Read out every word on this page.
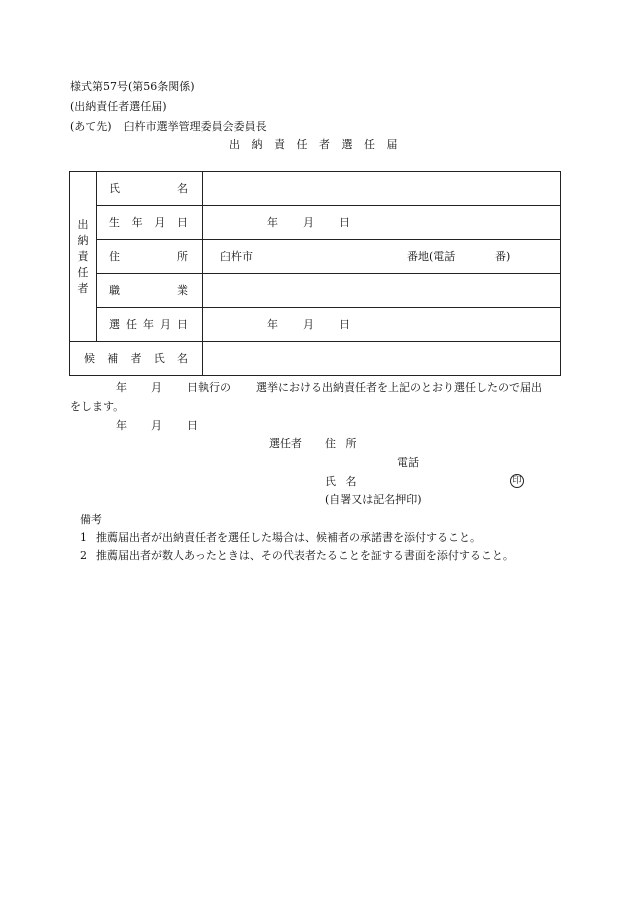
様式第57号(第56条関係)
(出納責任者選任届)
(あて先) 臼杵市選挙管理委員会委員長
出 納 責 任 者 選 任 届
出
納
責
任
者	氏 名	

	生 年 月 日	年 月 日

	住 所	臼杵市 番地(電話 番)

	職 業	

	選 任 年 月 日	年 月 日

候 補 者 氏 名		

年 月 日執行の 選挙における出納責任者を上記のとおり選任したので届出
をします。
年 月 日
選任者 住 所
電話
氏 名	印
(自署又は記名押印)
備考
1 推薦届出者が出納責任者を選任した場合は、候補者の承諾書を添付すること。
2 推薦届出者が数人あったときは、その代表者たることを証する書面を添付すること。
